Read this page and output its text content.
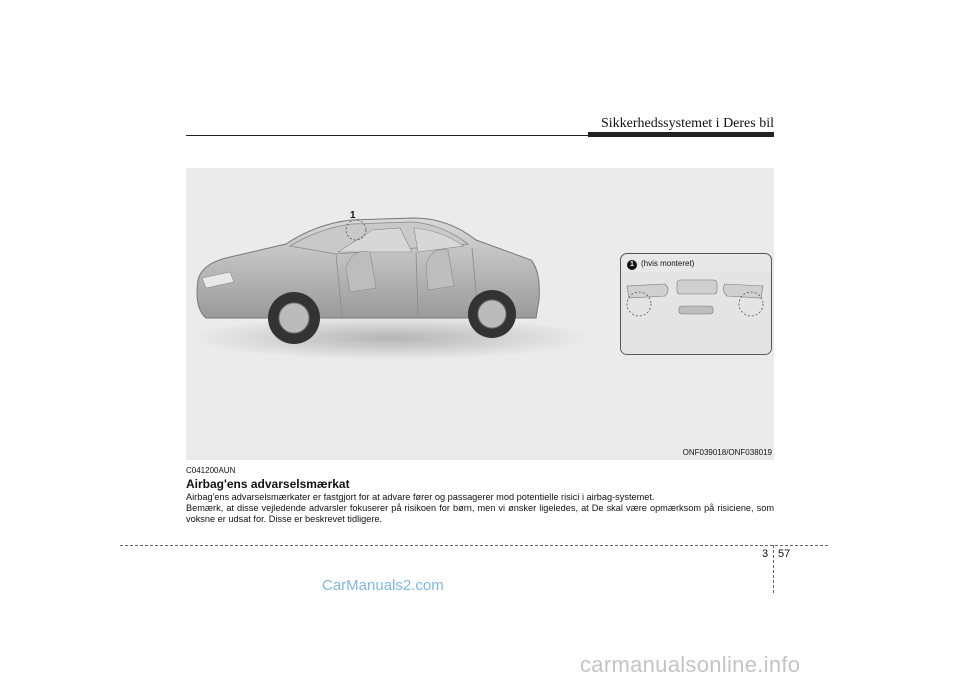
Sikkerhedssystemet i Deres bil
1
1 (hvis monteret)
ONF039018/ONF038019
C041200AUN
Airbag'ens advarselsmærkat

Airbag'ens advarselsmærkater er fastgjort for at advare fører og passagerer mod potentielle risici i airbag-systemet.

Bemærk, at disse vejledende advarsler fokuserer på risikoen for børn, men vi ønsker ligeledes, at De skal være opmærksom på risiciene, som voksne er udsat for. Disse er beskrevet tidligere.

3 57
CarManuals2.com
carmanualsonline.info
